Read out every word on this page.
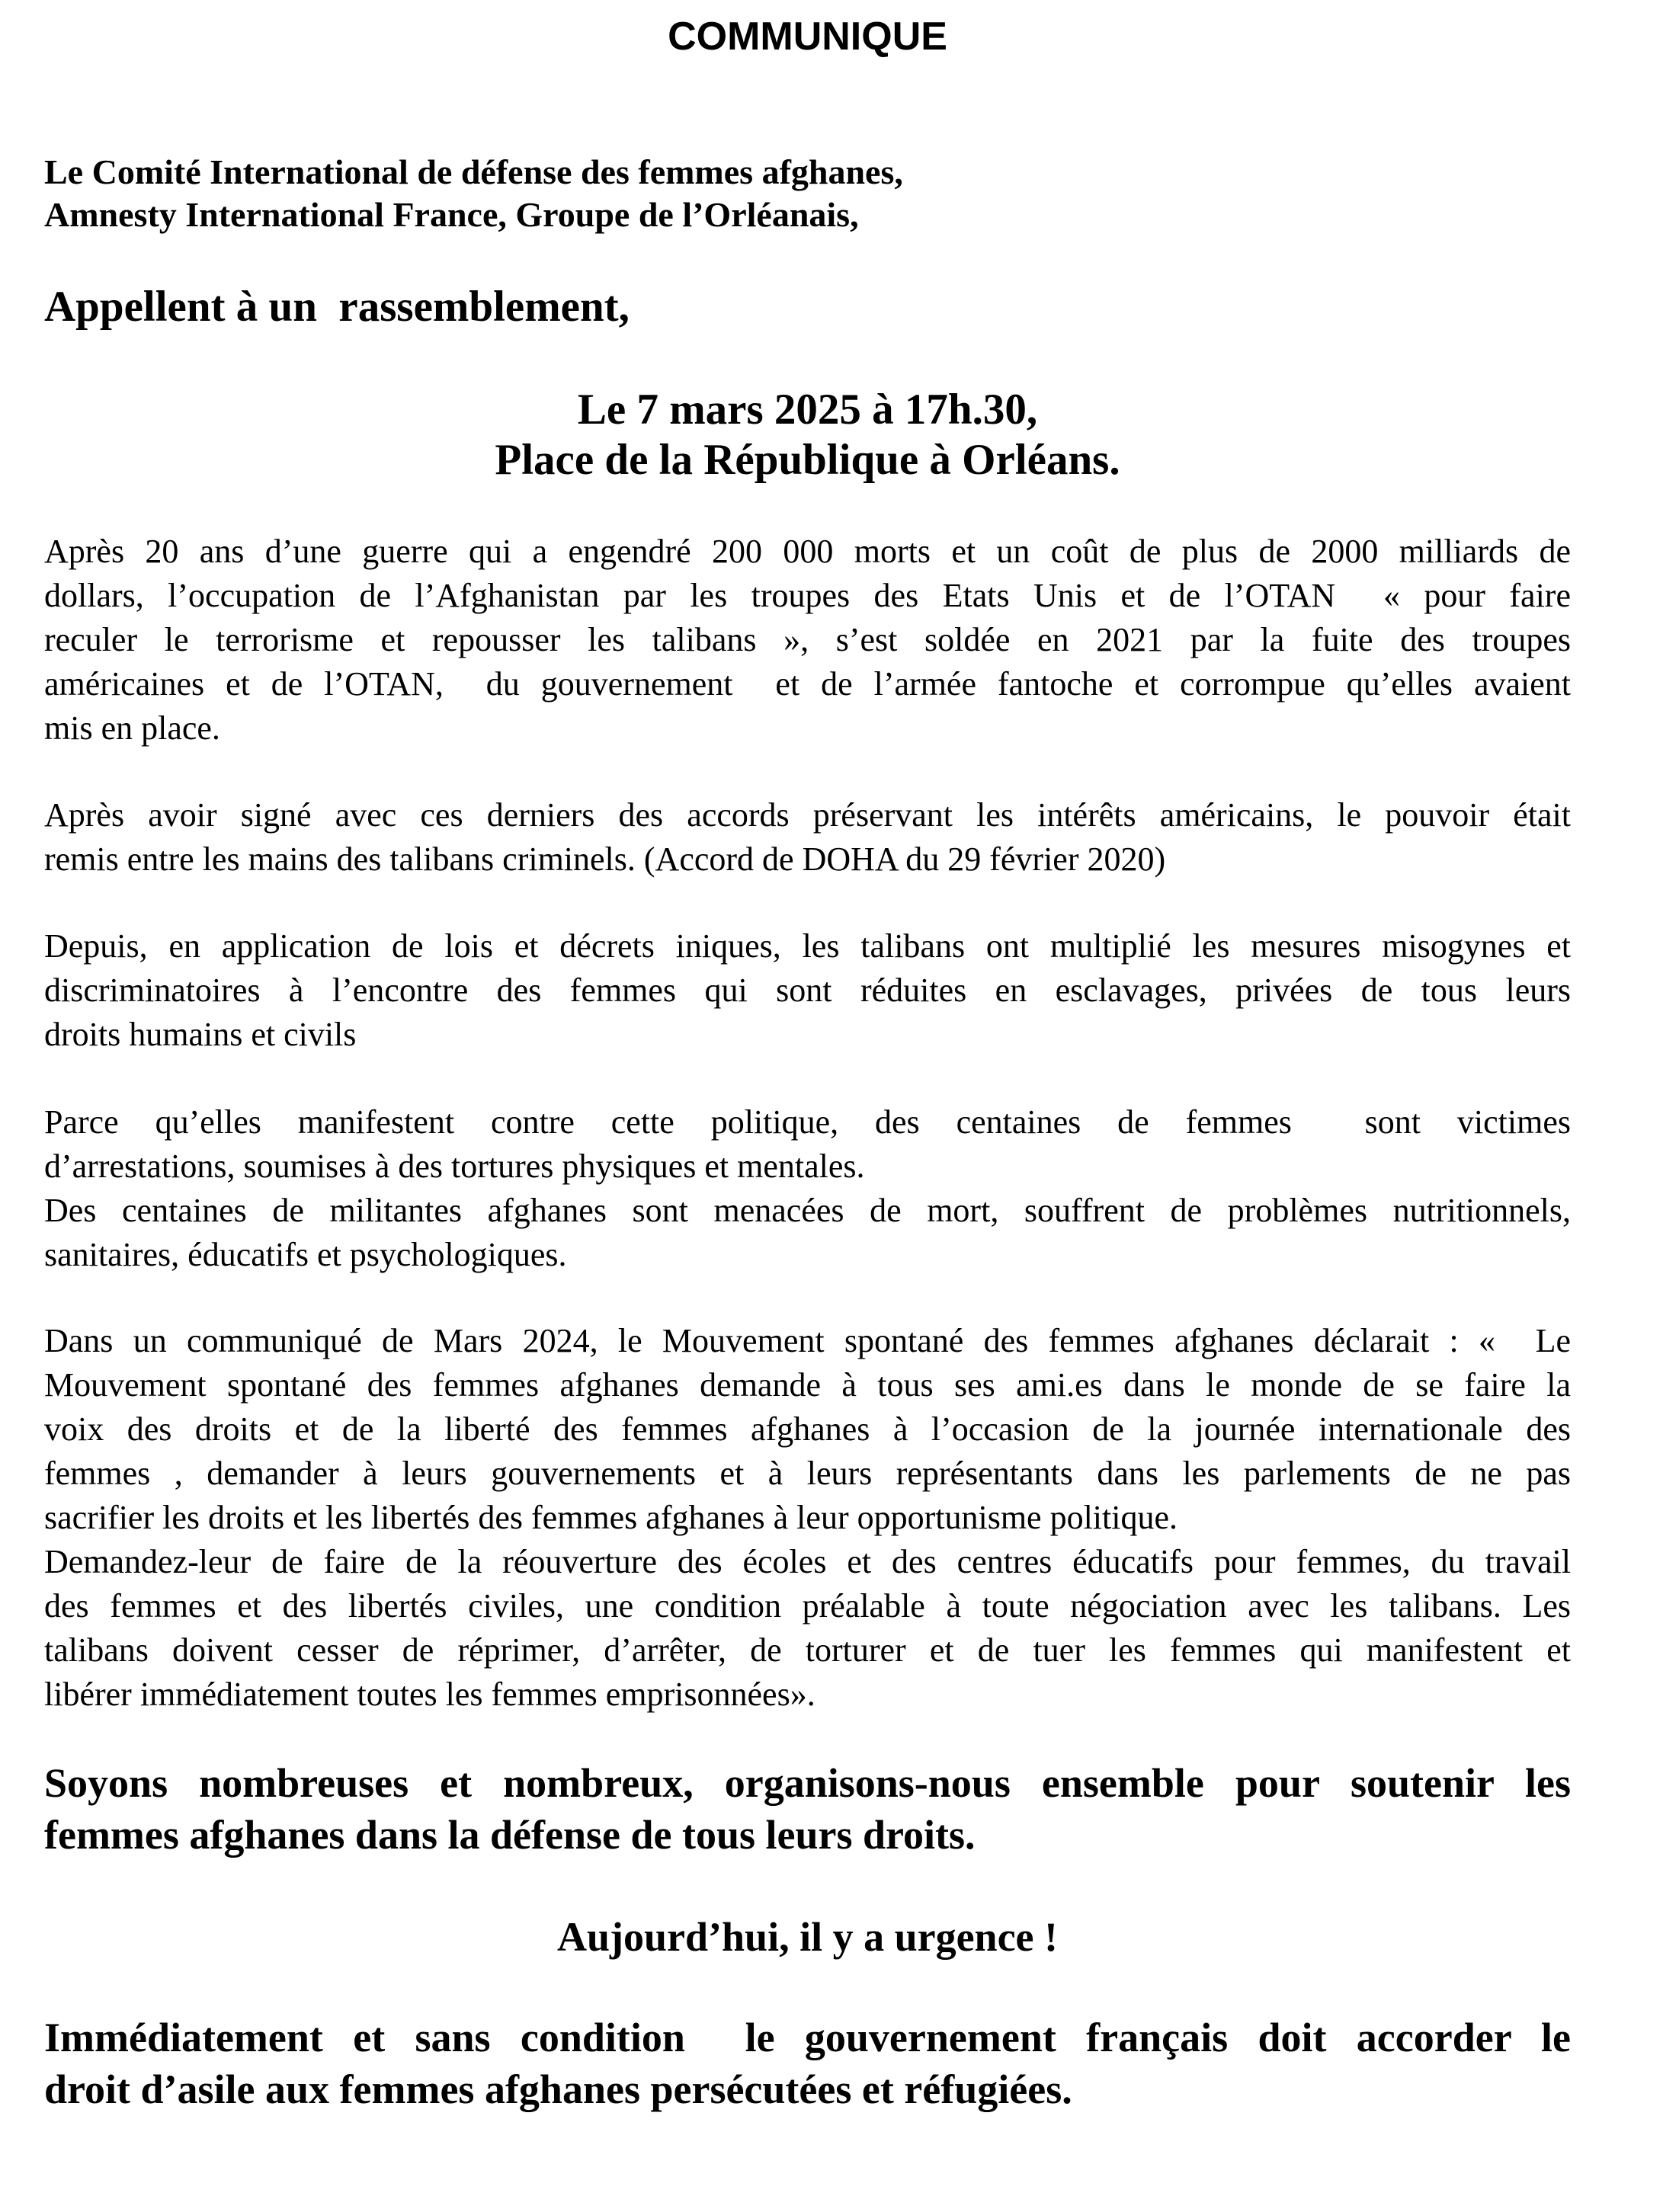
COMMUNIQUE
Le Comité International de défense des femmes afghanes,
Amnesty International France, Groupe de l’Orléanais,
Appellent à un  rassemblement,
Le 7 mars 2025 à 17h.30,
Place de la République à Orléans.
Après 20 ans d’une guerre qui a engendré 200 000 morts et un coût de plus de 2000 milliards de
dollars, l’occupation de l’Afghanistan par les troupes des Etats Unis et de l’OTAN  « pour faire
reculer le terrorisme et repousser les talibans », s’est soldée en 2021 par la fuite des troupes
américaines et de l’OTAN,  du gouvernement  et de l’armée fantoche et corrompue qu’elles avaient
mis en place.
Après avoir signé avec ces derniers des accords préservant les intérêts américains, le pouvoir était
remis entre les mains des talibans criminels. (Accord de DOHA du 29 février 2020)
Depuis, en application de lois et décrets iniques, les talibans ont multiplié les mesures misogynes et
discriminatoires à l’encontre des femmes qui sont réduites en esclavages, privées de tous leurs
droits humains et civils
Parce qu’elles manifestent contre cette politique, des centaines de femmes  sont victimes
d’arrestations, soumises à des tortures physiques et mentales.
Des centaines de militantes afghanes sont menacées de mort, souffrent de problèmes nutritionnels,
sanitaires, éducatifs et psychologiques.
Dans un communiqué de Mars 2024, le Mouvement spontané des femmes afghanes déclarait : «  Le
Mouvement spontané des femmes afghanes demande à tous ses ami.es dans le monde de se faire la
voix des droits et de la liberté des femmes afghanes à l’occasion de la journée internationale des
femmes , demander à leurs gouvernements et à leurs représentants dans les parlements de ne pas
sacrifier les droits et les libertés des femmes afghanes à leur opportunisme politique.
Demandez-leur de faire de la réouverture des écoles et des centres éducatifs pour femmes, du travail
des femmes et des libertés civiles, une condition préalable à toute négociation avec les talibans. Les
talibans doivent cesser de réprimer, d’arrêter, de torturer et de tuer les femmes qui manifestent et
libérer immédiatement toutes les femmes emprisonnées».
Soyons nombreuses et nombreux, organisons-nous ensemble pour soutenir les
femmes afghanes dans la défense de tous leurs droits.
Aujourd’hui, il y a urgence !
Immédiatement et sans condition  le gouvernement français doit accorder le
droit d’asile aux femmes afghanes persécutées et réfugiées.
